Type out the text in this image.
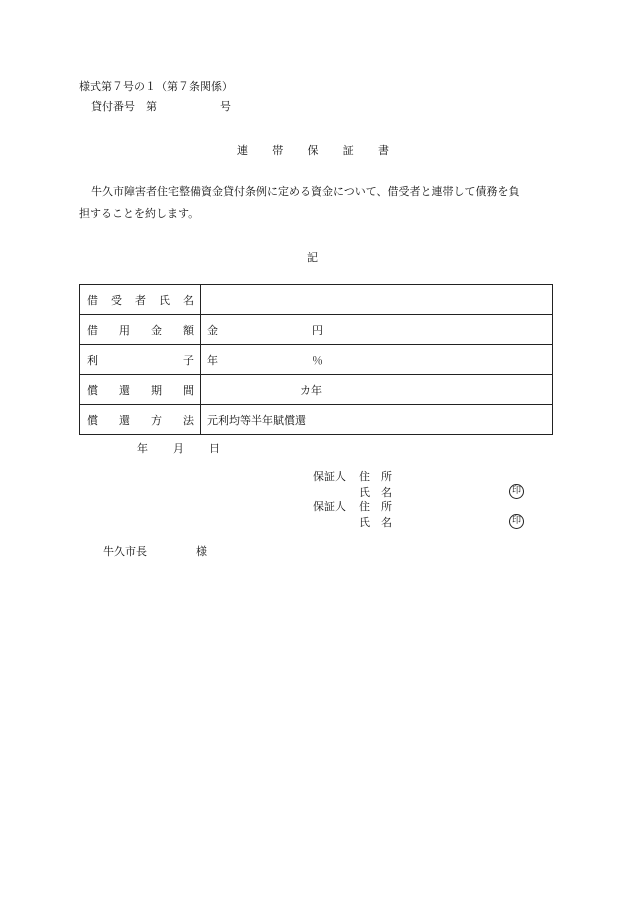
様式第７号の１（第７条関係）
貸付番号　第	号
連 帯 保 証 書
牛久市障害者住宅整備資金貸付条例に定める資金について、借受者と連帯して債務を負
担することを約します。
記
借 受 者 氏 名	

借 用 金 額	金 円

利 子	年 ％

償 還 期 間	カ年

償 還 方 法	元利均等半年賦償還
年 月 日
保証人 住　所
氏　名	印
保証人 住　所
氏　名	印
牛久市長	様
